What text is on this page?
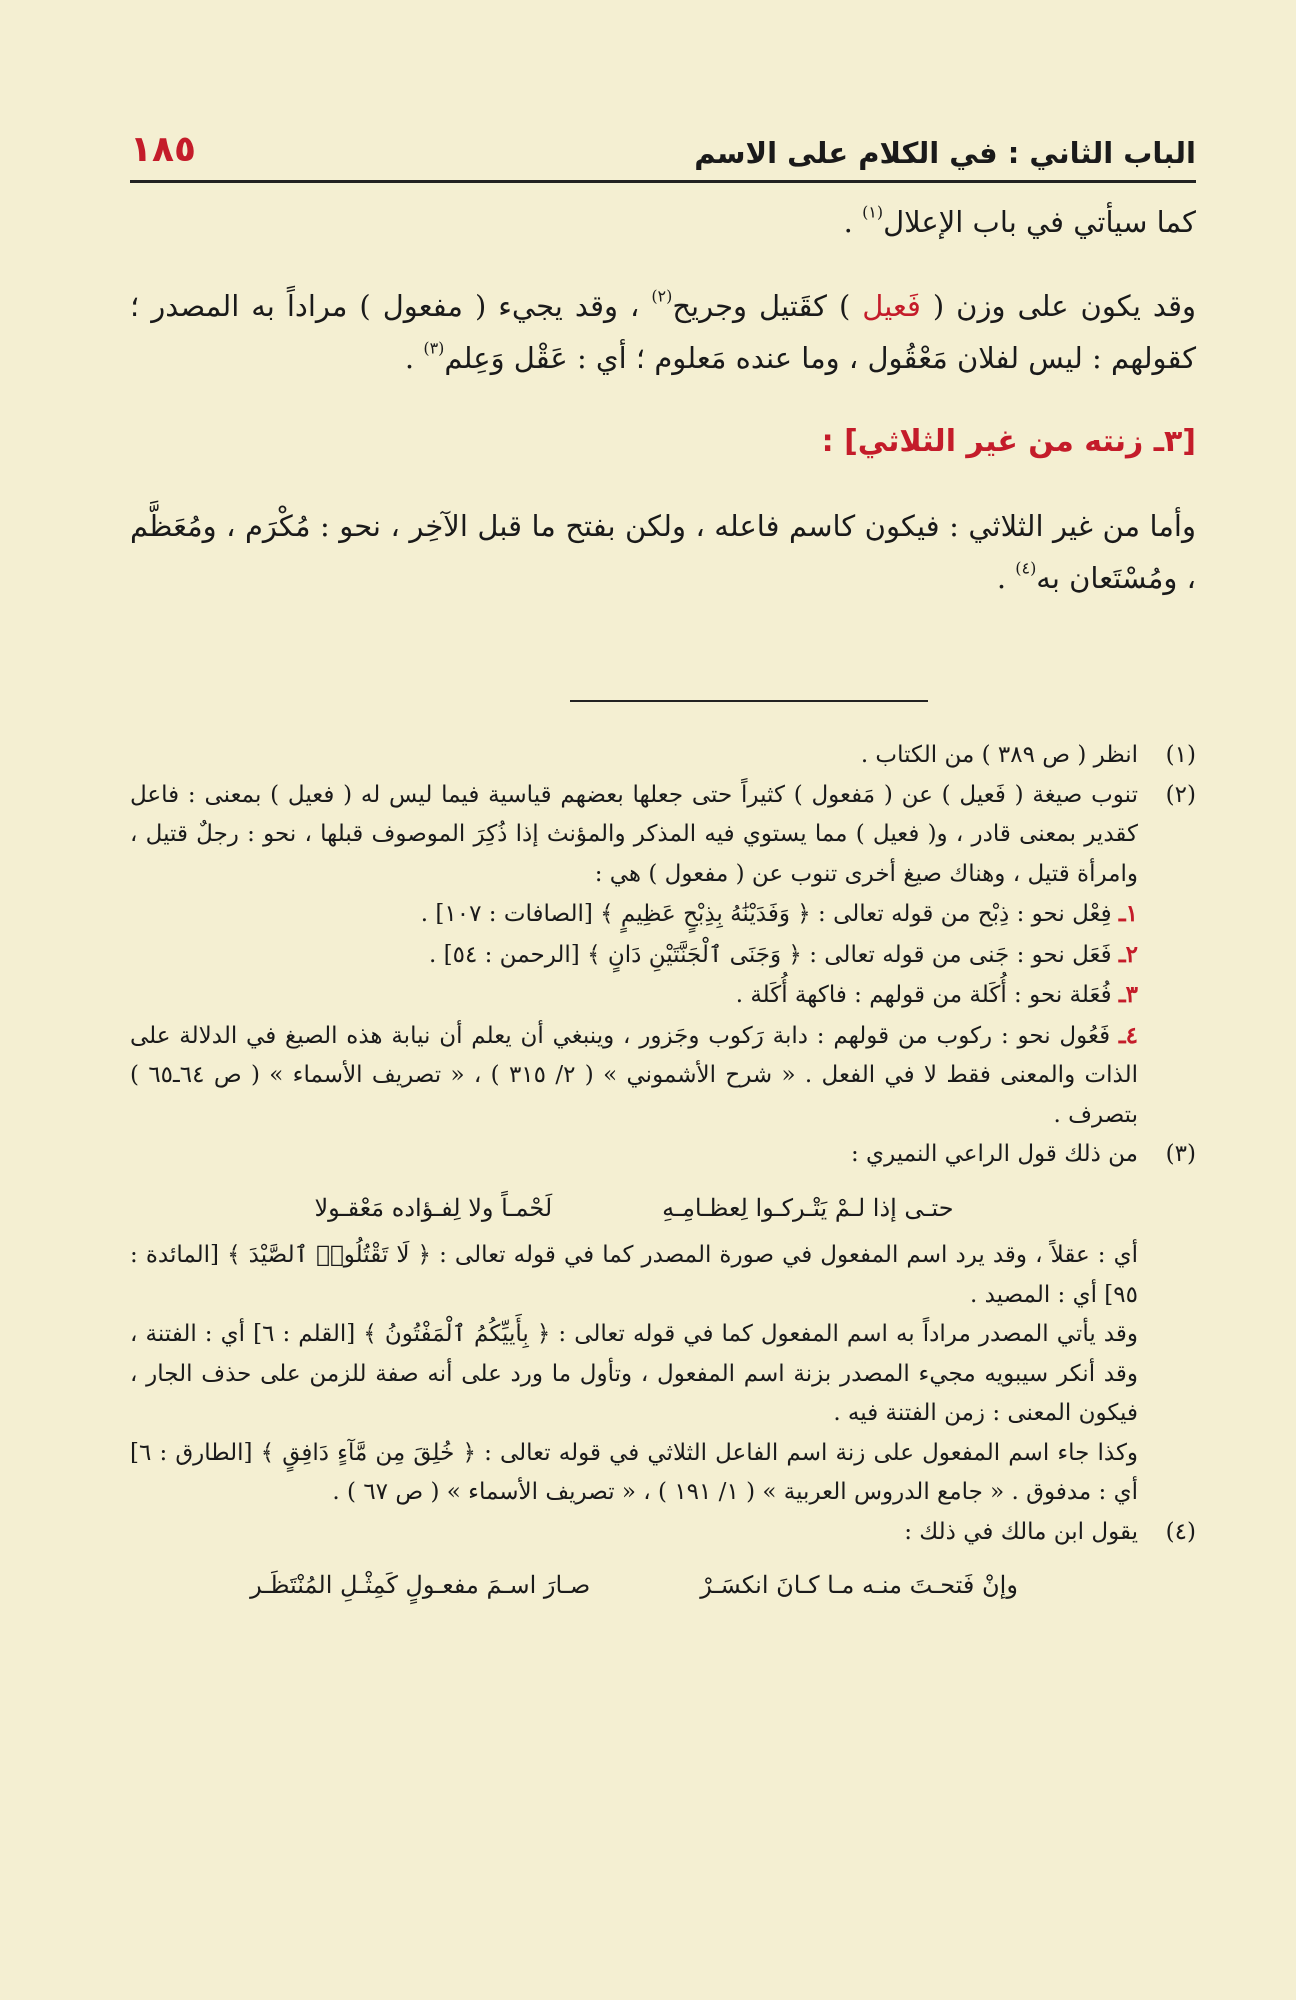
الباب الثاني : في الكلام على الاسم
١٨٥

كما سيأتي في باب الإعلال$^{(١)}$ .

وقد يكون على وزن ( فَعيل ) كقَتيل وجريح$^{(٢)}$ ، وقد يجيء ( مفعول ) مراداً به المصدر ؛ كقولهم : ليس لفلان مَعْقُول ، وما عنده مَعلوم ؛ أي : عَقْل وَعِلم$^{(٣)}$ .

[٣ـ زنته من غير الثلاثي] :

وأما من غير الثلاثي : فيكون كاسم فاعله ، ولكن بفتح ما قبل الآخِر ، نحو : مُكْرَم ، ومُعَظَّم ، ومُسْتَعان به$^{(٤)}$ .

(١)

انظر ( ص ٣٨٩ ) من الكتاب .

(٢)

تنوب صيغة ( فَعيل ) عن ( مَفعول ) كثيراً حتى جعلها بعضهم قياسية فيما ليس له ( فعيل ) بمعنى : فاعل كقدير بمعنى قادر ، و( فعيل ) مما يستوي فيه المذكر والمؤنث إذا ذُكِرَ الموصوف قبلها ، نحو : رجلٌ قتيل ، وامرأة قتيل ، وهناك صيغ أخرى تنوب عن ( مفعول ) هي :

١ـ فِعْل نحو : ذِبْح من قوله تعالى : ﴿ وَفَدَيْنَٰهُ بِذِبْحٍ عَظِيمٍ ﴾ [الصافات : ١٠٧] .

٢ـ فَعَل نحو : جَنى من قوله تعالى : ﴿ وَجَنَى ٱلْجَنَّتَيْنِ دَانٍ ﴾ [الرحمن : ٥٤] .

٣ـ فُعَلة نحو : أُكَلة من قولهم : فاكهة أُكَلة .

٤ـ فَعُول نحو : ركوب من قولهم : دابة رَكوب وجَزور ، وينبغي أن يعلم أن نيابة هذه الصيغ في الدلالة على الذات والمعنى فقط لا في الفعل . « شرح الأشموني » ( ٢/ ٣١٥ ) ، « تصريف الأسماء » ( ص ٦٤ـ٦٥ ) بتصرف .

(٣)

من ذلك قول الراعي النميري :

حتـى إذا لـمْ يَتْـركـوا لِعظـامِـهِ
لَحْمـاً ولا لِفـؤاده مَعْقـولا

أي : عقلاً ، وقد يرد اسم المفعول في صورة المصدر كما في قوله تعالى : ﴿ لَا تَقْتُلُوا۟ ٱلصَّيْدَ ﴾ [المائدة : ٩٥] أي : المصيد .

وقد يأتي المصدر مراداً به اسم المفعول كما في قوله تعالى : ﴿ بِأَييِّكُمُ ٱلْمَفْتُونُ ﴾ [القلم : ٦] أي : الفتنة ، وقد أنكر سيبويه مجيء المصدر بزنة اسم المفعول ، وتأول ما ورد على أنه صفة للزمن على حذف الجار ، فيكون المعنى : زمن الفتنة فيه .

وكذا جاء اسم المفعول على زنة اسم الفاعل الثلاثي في قوله تعالى : ﴿ خُلِقَ مِن مَّآءٍ دَافِقٍ ﴾ [الطارق : ٦] أي : مدفوق . « جامع الدروس العربية » ( ١/ ١٩١ ) ، « تصريف الأسماء » ( ص ٦٧ ) .

(٤)

يقول ابن مالك في ذلك :

وإنْ فَتحـتَ منـه مـا كـانَ انكسَـرْ
صـارَ اسـمَ مفعـولٍ كَمِثْـلِ المُنْتَظَـر
